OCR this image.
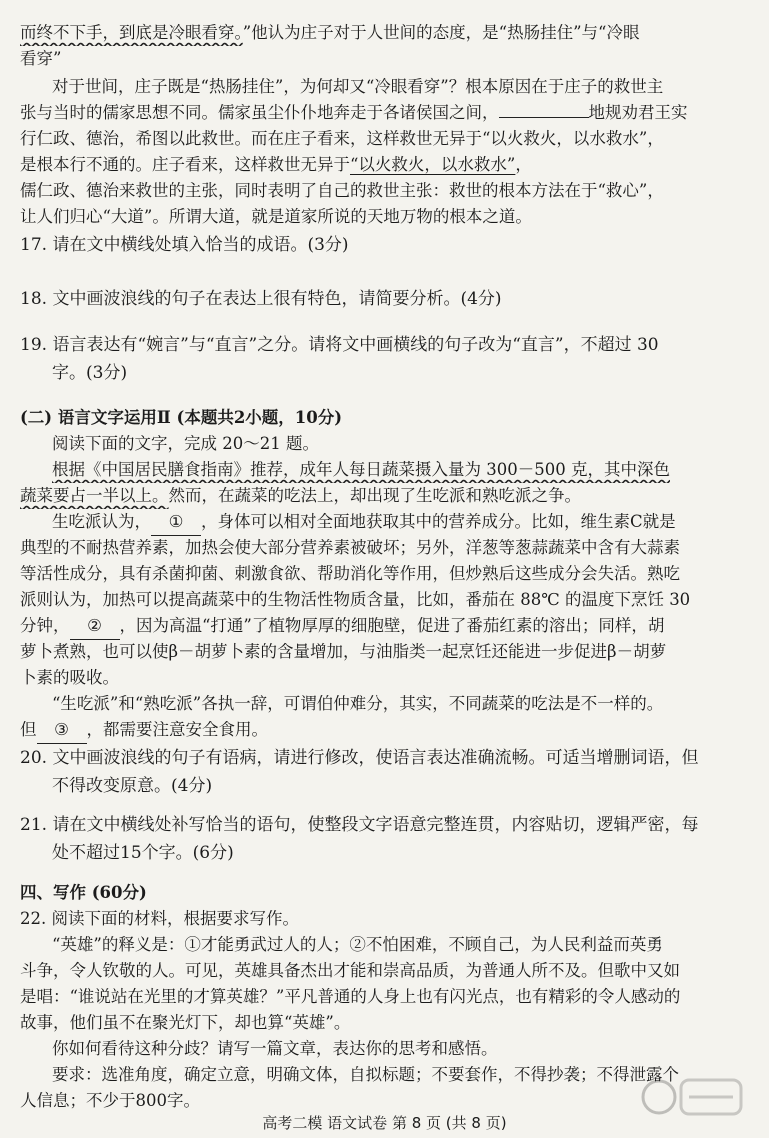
而终不下手，到底是冷眼看穿。”他认为庄子对于人世间的态度，是“热肠挂住”与“冷眼
看穿”
对于世间，庄子既是“热肠挂住”，为何却又“冷眼看穿”？根本原因在于庄子的救世主
张与当时的儒家思想不同。儒家虽尘仆仆地奔走于各诸侯国之间，	地规劝君王实
行仁政、德治，希图以此救世。而在庄子看来，这样救世无异于“以火救火，以水救水”，
是根本行不通的。庄子看来，这样救世无异于“以火救火，以水救水”，
儒仁政、德治来救世的主张，同时表明了自己的救世主张：救世的根本方法在于“救心”，
让人们归心“大道”。所谓大道，就是道家所说的天地万物的根本之道。
17. 请在文中横线处填入恰当的成语。(3分)
18. 文中画波浪线的句子在表达上很有特色，请简要分析。(4分)
19. 语言表达有“婉言”与“直言”之分。请将文中画横线的句子改为“直言”，不超过 30
字。(3分)
(二) 语言文字运用Ⅱ (本题共2小题，10分)
阅读下面的文字，完成 20～21 题。
根据《中国居民膳食指南》推荐，成年人每日蔬菜摄入量为 300－500 克，其中深色
蔬菜要占一半以上。然而，在蔬菜的吃法上，却出现了生吃派和熟吃派之争。
生吃派认为， ① ，身体可以相对全面地获取其中的营养成分。比如，维生素C就是
典型的不耐热营养素，加热会使大部分营养素被破坏；另外，洋葱等葱蒜蔬菜中含有大蒜素
等活性成分，具有杀菌抑菌、刺激食欲、帮助消化等作用，但炒熟后这些成分会失活。熟吃
派则认为，加热可以提高蔬菜中的生物活性物质含量，比如，番茄在 88℃ 的温度下烹饪 30
分钟， ② ，因为高温“打通”了植物厚厚的细胞壁，促进了番茄红素的溶出；同样，胡
萝卜煮熟，也可以使β－胡萝卜素的含量增加，与油脂类一起烹饪还能进一步促进β－胡萝
卜素的吸收。
“生吃派”和“熟吃派”各执一辞，可谓伯仲难分，其实，不同蔬菜的吃法是不一样的。
但 ③ ，都需要注意安全食用。
20. 文中画波浪线的句子有语病，请进行修改，使语言表达准确流畅。可适当增删词语，但
不得改变原意。(4分)
21. 请在文中横线处补写恰当的语句，使整段文字语意完整连贯，内容贴切，逻辑严密，每
处不超过15个字。(6分)
四、写作 (60分)
22. 阅读下面的材料，根据要求写作。
“英雄”的释义是：①才能勇武过人的人；②不怕困难，不顾自己，为人民利益而英勇
斗争，令人钦敬的人。可见，英雄具备杰出才能和崇高品质，为普通人所不及。但歌中又如
是唱：“谁说站在光里的才算英雄？”平凡普通的人身上也有闪光点，也有精彩的令人感动的
故事，他们虽不在聚光灯下，却也算“英雄”。
你如何看待这种分歧？请写一篇文章，表达你的思考和感悟。
要求：选准角度，确定立意，明确文体，自拟标题；不要套作，不得抄袭；不得泄露个
人信息；不少于800字。
高考二模 语文试卷 第 8 页 (共 8 页)
